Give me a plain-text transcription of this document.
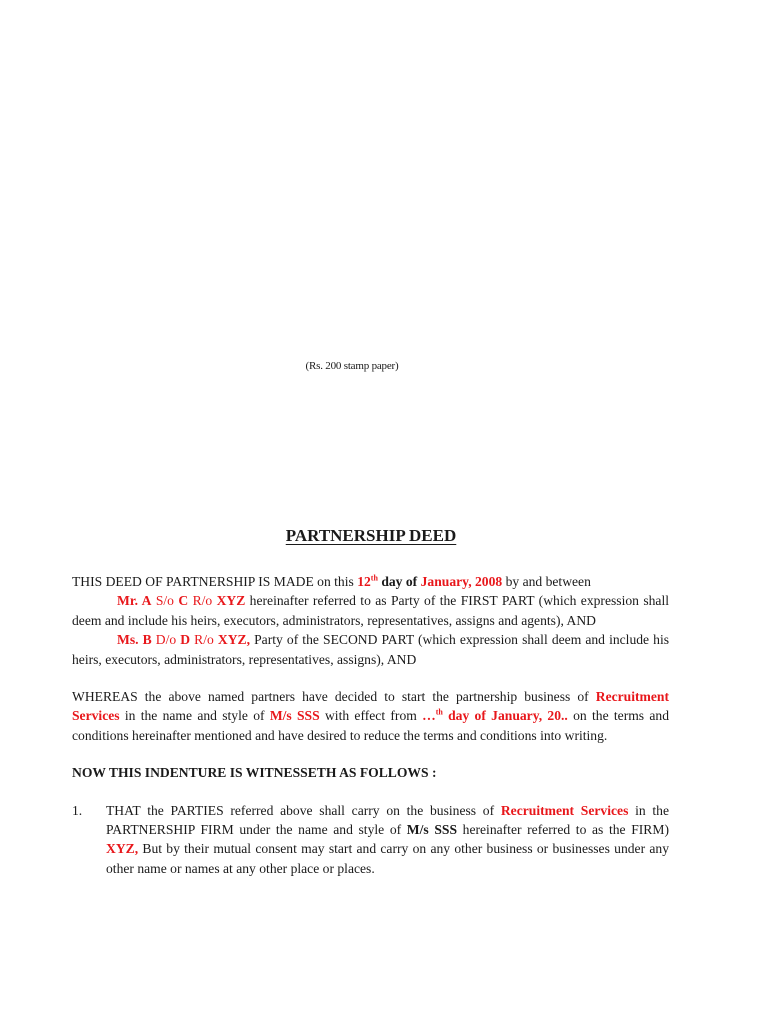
(Rs. 200 stamp paper)
PARTNERSHIP DEED

THIS DEED OF PARTNERSHIP IS MADE on this 12th day of January, 2008 by and between

Mr. A S/o C R/o XYZ hereinafter referred to as Party of the FIRST PART (which expression shall deem and include his heirs, executors, administrators, representatives, assigns and agents), AND

Ms. B D/o D R/o XYZ, Party of the SECOND PART (which expression shall deem and include his heirs, executors, administrators, representatives, assigns), AND

WHEREAS the above named partners have decided to start the partnership business of Recruitment Services in the name and style of M/s SSS with effect from …$^{th}$ day of January, 20.. on the terms and conditions hereinafter mentioned and have desired to reduce the terms and conditions into writing.

NOW THIS INDENTURE IS WITNESSETH AS FOLLOWS :

1. THAT the PARTIES referred above shall carry on the business of Recruitment Services in the PARTNERSHIP FIRM under the name and style of M/s SSS hereinafter referred to as the FIRM) XYZ, But by their mutual consent may start and carry on any other business or businesses under any other name or names at any other place or places.
